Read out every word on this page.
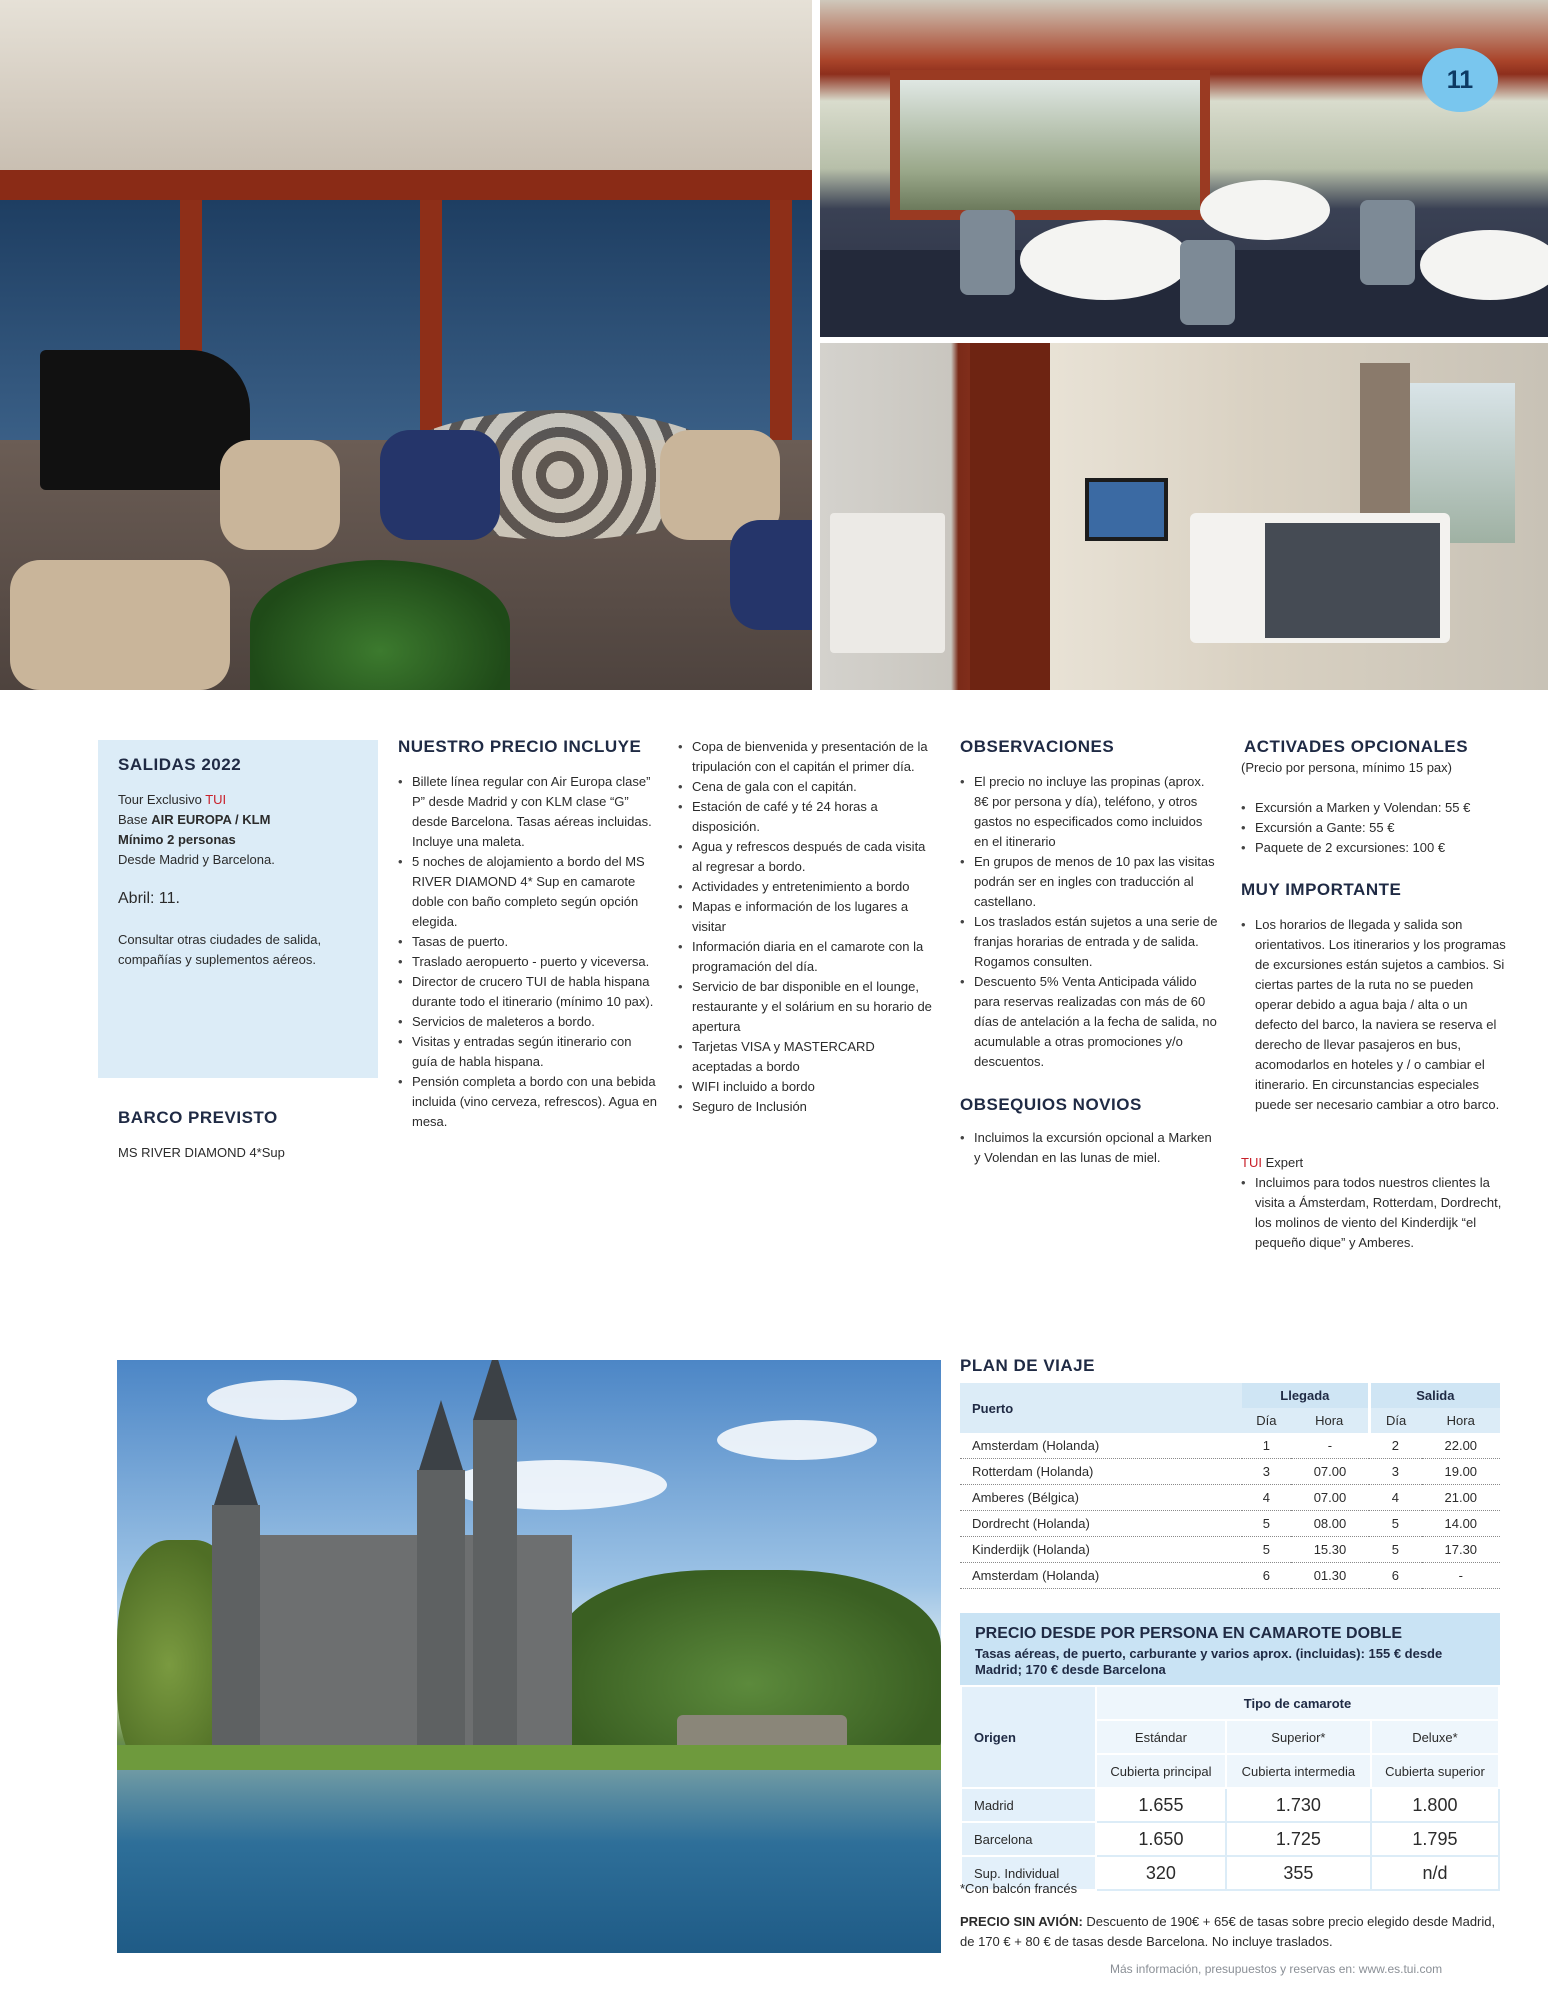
11
SALIDAS 2022
Tour Exclusivo TUI
Base AIR EUROPA / KLM
Mínimo 2 personas
Desde Madrid y Barcelona.
Abril: 11.
Consultar otras ciudades de salida, compañías y suplementos aéreos.
BARCO PREVISTO
MS RIVER DIAMOND 4*Sup
NUESTRO PRECIO INCLUYE
• Billete línea regular con Air Europa clase” P” desde Madrid y con KLM clase “G” desde Barcelona. Tasas aéreas incluidas. Incluye una maleta.
• 5 noches de alojamiento a bordo del MS RIVER DIAMOND 4* Sup en camarote doble con baño completo según opción elegida.
• Tasas de puerto.
• Traslado aeropuerto - puerto y viceversa.
• Director de crucero TUI de habla hispana durante todo el itinerario (mínimo 10 pax).
• Servicios de maleteros a bordo.
• Visitas y entradas según itinerario con guía de habla hispana.
• Pensión completa a bordo con una bebida incluida (vino cerveza, refrescos). Agua en mesa.
• Copa de bienvenida y presentación de la tripulación con el capitán el primer día.
• Cena de gala con el capitán.
• Estación de café y té 24 horas a disposición.
• Agua y refrescos después de cada visita al regresar a bordo.
• Actividades y entretenimiento a bordo
• Mapas e información de los lugares a visitar
• Información diaria en el camarote con la programación del día.
• Servicio de bar disponible en el lounge, restaurante y el solárium en su horario de apertura
• Tarjetas VISA y MASTERCARD aceptadas a bordo
• WIFI incluido a bordo
• Seguro de Inclusión
OBSERVACIONES
• El precio no incluye las propinas (aprox. 8€ por persona y día), teléfono, y otros gastos no especificados como incluidos en el itinerario
• En grupos de menos de 10 pax las visitas podrán ser en ingles con traducción al castellano.
• Los traslados están sujetos a una serie de franjas horarias de entrada y de salida. Rogamos consulten.
• Descuento 5% Venta Anticipada válido para reservas realizadas con más de 60 días de antelación a la fecha de salida, no acumulable a otras promociones y/o descuentos.
OBSEQUIOS NOVIOS
• Incluimos la excursión opcional a Marken y Volendan en las lunas de miel.
ACTIVADES OPCIONALES
(Precio por persona, mínimo 15 pax)
• Excursión a Marken y Volendan: 55 €
• Excursión a Gante: 55 €
• Paquete de 2 excursiones: 100 €
MUY IMPORTANTE
• Los horarios de llegada y salida son orientativos. Los itinerarios y los programas de excursiones están sujetos a cambios. Si ciertas partes de la ruta no se pueden operar debido a agua baja / alta o un defecto del barco, la naviera se reserva el derecho de llevar pasajeros en bus, acomodarlos en hoteles y / o cambiar el itinerario. En circunstancias especiales puede ser necesario cambiar a otro barco.
TUI Expert
• Incluimos para todos nuestros clientes la visita a Ámsterdam, Rotterdam, Dordrecht, los molinos de viento del Kinderdijk “el pequeño dique” y Amberes.
PLAN DE VIAJE
Puerto	Llegada		Salida	
	Día	Hora	Día	Hora
Amsterdam (Holanda)	1	-	2	22.00
Rotterdam (Holanda)	3	07.00	3	19.00
Amberes (Bélgica)	4	07.00	4	21.00
Dordrecht (Holanda)	5	08.00	5	14.00
Kinderdijk (Holanda)	5	15.30	5	17.30
Amsterdam (Holanda)	6	01.30	6	-
PRECIO DESDE POR PERSONA EN CAMAROTE DOBLE
Tasas aéreas, de puerto, carburante y varios aprox. (incluidas): 155 € desde Madrid; 170 € desde Barcelona
Origen	Tipo de camarote		
	Estándar	Superior*	Deluxe*
	Cubierta principal	Cubierta intermedia	Cubierta superior
Madrid	1.655	1.730	1.800
Barcelona	1.650	1.725	1.795
Sup. Individual	320	355	n/d
*Con balcón francés
PRECIO SIN AVIÓN: Descuento de 190€ + 65€ de tasas sobre precio elegido desde Madrid, de 170 € + 80 € de tasas desde Barcelona. No incluye traslados.
Más información, presupuestos y reservas en: www.es.tui.com
